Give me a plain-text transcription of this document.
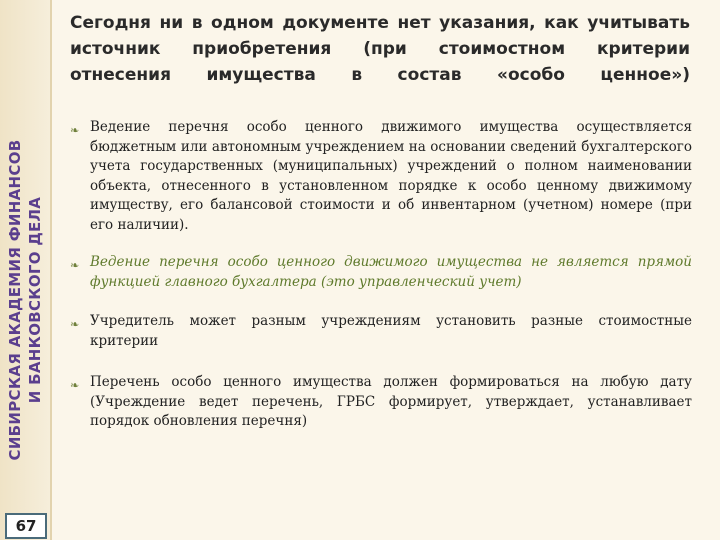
СИБИРСКАЯ АКАДЕМИЯ ФИНАНСОВ И БАНКОВСКОГО ДЕЛА
67
Сегодня ни в одном документе нет указания, как учитывать
источник приобретения (при стоимостном критерии
отнесения имущества в состав «особо ценное»)
❧ Ведение перечня особо ценного движимого имущества осуществляется бюджетным или автономным учреждением на основании сведений бухгалтерского учета государственных (муниципальных) учреждений о полном наименовании объекта, отнесенного в установленном порядке к особо ценному движимому имуществу, его балансовой стоимости и об инвентарном (учетном) номере (при его наличии).
❧ Ведение перечня особо ценного движимого имущества не является прямой функцией главного бухгалтера (это управленческий учет)
❧ Учредитель может разным учреждениям установить разные стоимостные критерии
❧ Перечень особо ценного имущества должен формироваться на любую дату (Учреждение ведет перечень, ГРБС формирует, утверждает, устанавливает порядок обновления перечня)
